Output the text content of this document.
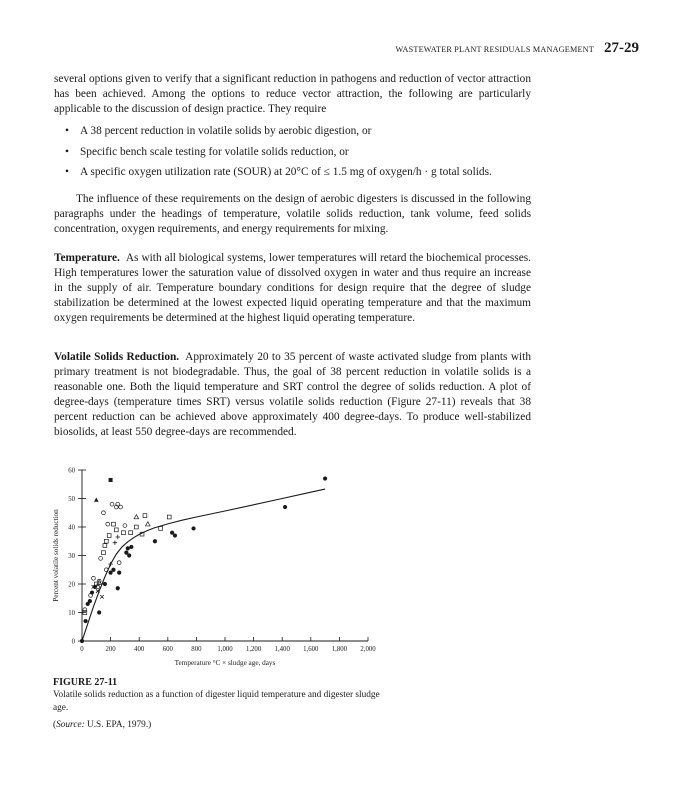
WASTEWATER PLANT RESIDUALS MANAGEMENT 27-29

several options given to verify that a significant reduction in pathogens and reduction of vector attraction has been achieved. Among the options to reduce vector attraction, the following are particularly applicable to the discussion of design practice. They require

• A 38 percent reduction in volatile solids by aerobic digestion, or
• Specific bench scale testing for volatile solids reduction, or
• A specific oxygen utilization rate (SOUR) at 20°C of ≤ 1.5 mg of oxygen/h · g total solids.

The influence of these requirements on the design of aerobic digesters is discussed in the following paragraphs under the headings of temperature, volatile solids reduction, tank volume, feed solids concentration, oxygen requirements, and energy requirements for mixing.

Temperature. As with all biological systems, lower temperatures will retard the biochemical processes. High temperatures lower the saturation value of dissolved oxygen in water and thus require an increase in the supply of air. Temperature boundary conditions for design require that the degree of sludge stabilization be determined at the lowest expected liquid operating temperature and that the maximum oxygen requirements be determined at the highest liquid operating temperature.

Volatile Solids Reduction. Approximately 20 to 35 percent of waste activated sludge from plants with primary treatment is not biodegradable. Thus, the goal of 38 percent reduction in volatile solids is a reasonable one. Both the liquid temperature and SRT control the degree of solids reduction. A plot of degree-days (temperature times SRT) versus volatile solids reduction (Figure 27-11) reveals that 38 percent reduction can be achieved above approximately 400 degree-days. To produce well-stabilized biosolids, at least 550 degree-days are recommended.

0	200	400	600	800 1,000 1,200 1,400 1,600 1,800 2,000
0
10
20
30
40
50
60
Temperature °C × sludge age, days
Percent volatile solids reduction
FIGURE 27-11
Volatile solids reduction as a function of digester liquid temperature and digester sludge age.
(Source: U.S. EPA, 1979.)
